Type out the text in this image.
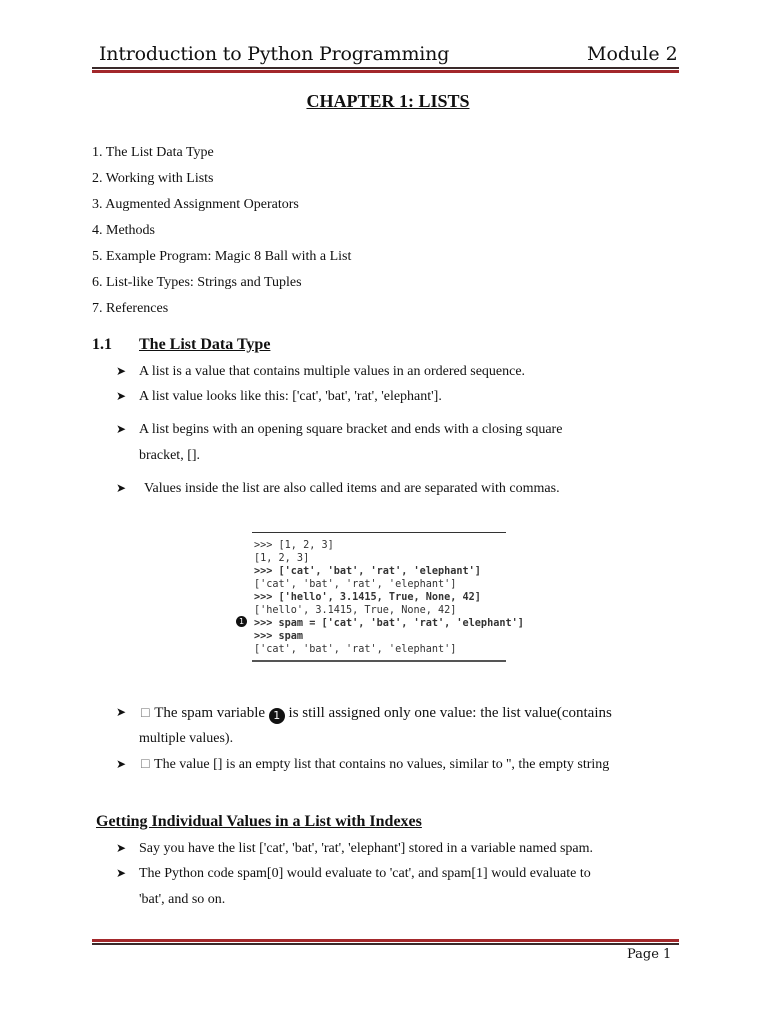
Introduction to Python Programming	Module 2
CHAPTER 1: LISTS
1. The List Data Type
2. Working with Lists
3. Augmented Assignment Operators
4. Methods
5. Example Program: Magic 8 Ball with a List
6. List-like Types: Strings and Tuples
7. References
1.1 The List Data Type
➤ A list is a value that contains multiple values in an ordered sequence.
➤ A list value looks like this: ['cat', 'bat', 'rat', 'elephant'].
➤ A list begins with an opening square bracket and ends with a closing square
bracket, [].
➤ Values inside the list are also called items and are separated with commas.
>>> [1, 2, 3]
[1, 2, 3]
>>> ['cat', 'bat', 'rat', 'elephant']
['cat', 'bat', 'rat', 'elephant']
>>> ['hello', 3.1415, True, None, 42]
['hello', 3.1415, True, None, 42]
>>> spam = ['cat', 'bat', 'rat', 'elephant']
>>> spam
['cat', 'bat', 'rat', 'elephant']
1
➤ ☐ The spam variable 1 is still assigned only one value: the list value(contains
multiple values).
➤ ☐ The value [] is an empty list that contains no values, similar to '', the empty string
Getting Individual Values in a List with Indexes
➤ Say you have the list ['cat', 'bat', 'rat', 'elephant'] stored in a variable named spam.
➤ The Python code spam[0] would evaluate to 'cat', and spam[1] would evaluate to
'bat', and so on.
Page 1
